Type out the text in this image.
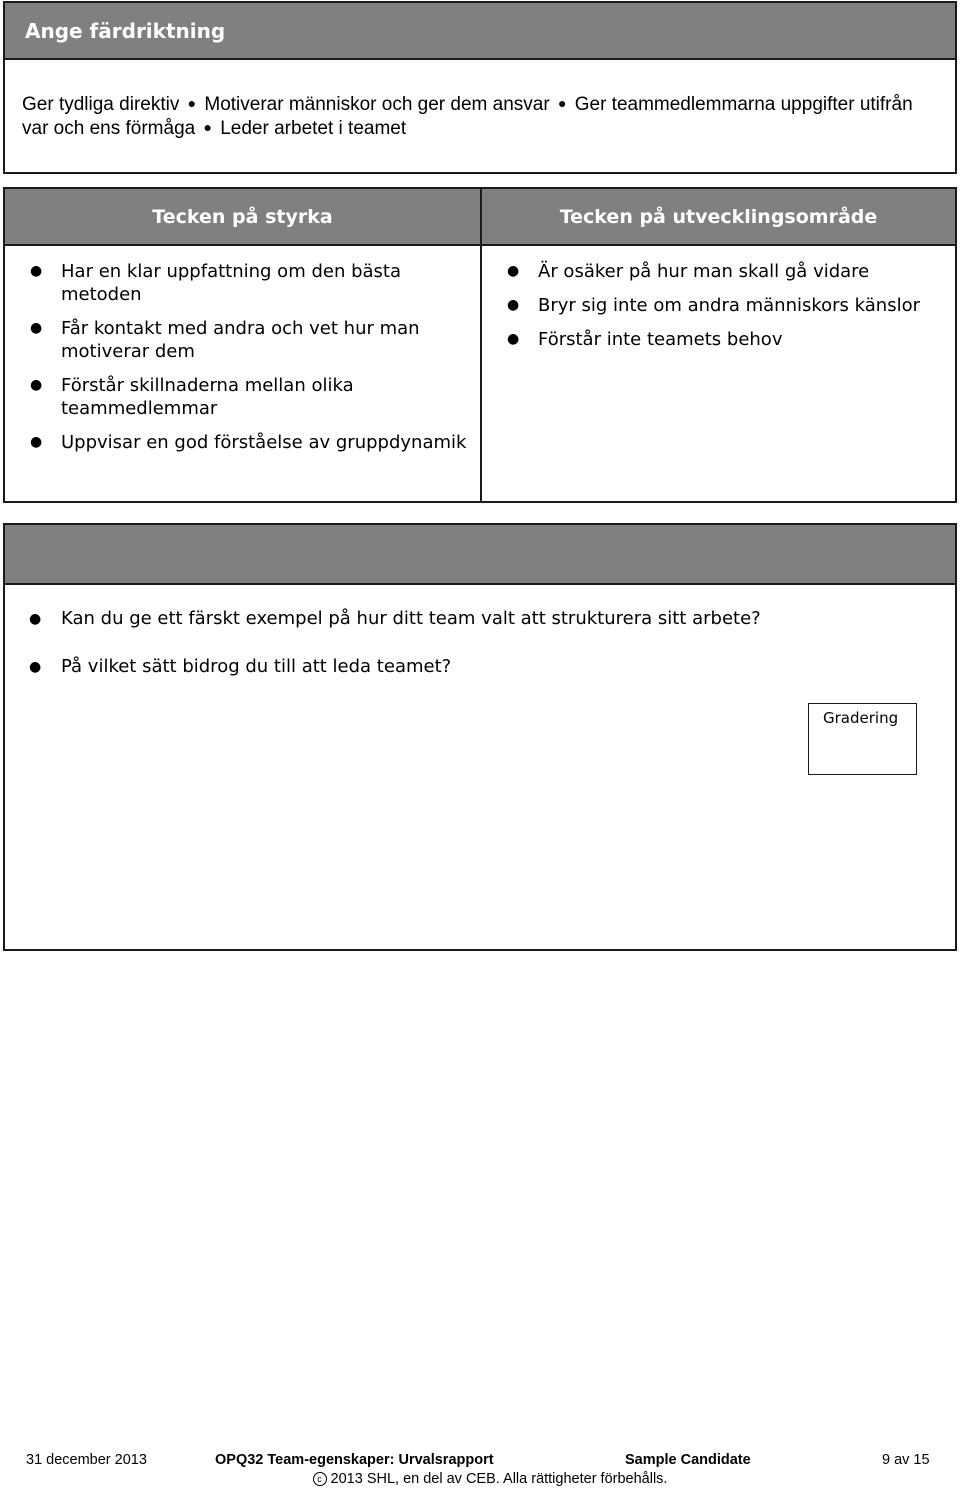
Ange färdriktning
Ger tydliga direktiv ● Motiverar människor och ger dem ansvar ● Ger teammedlemmarna uppgifter utifrån var och ens förmåga ● Leder arbetet i teamet
Tecken på styrka
● Har en klar uppfattning om den bästa metoden
● Får kontakt med andra och vet hur man motiverar dem
● Förstår skillnaderna mellan olika teammedlemmar
● Uppvisar en god förståelse av gruppdynamik
Tecken på utvecklingsområde
● Är osäker på hur man skall gå vidare
● Bryr sig inte om andra människors känslor
● Förstår inte teamets behov
● Kan du ge ett färskt exempel på hur ditt team valt att strukturera sitt arbete?
● På vilket sätt bidrog du till att leda teamet?
Gradering
31 december 2013	OPQ32 Team-egenskaper: Urvalsrapport	Sample Candidate	9 av 15
c 2013 SHL, en del av CEB. Alla rättigheter förbehålls.
